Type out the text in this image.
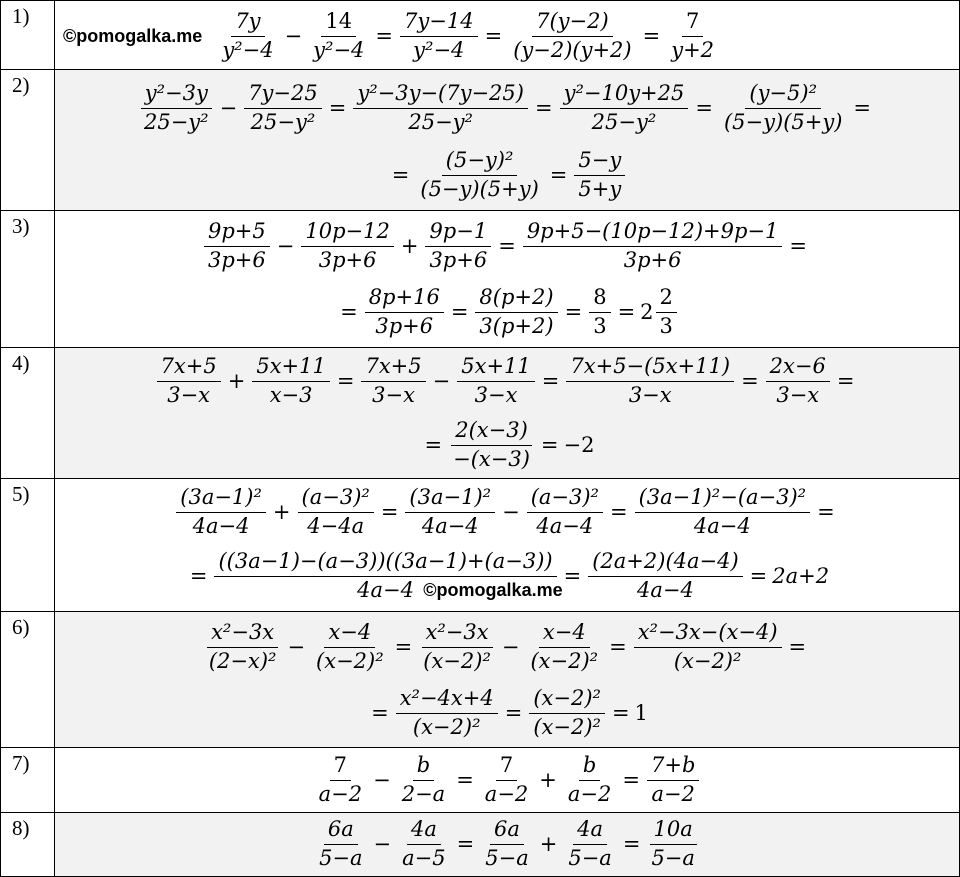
1)
©pomogalka.me $\frac{7y}{\text{y²−4}} - \frac{14}{\text{y²−4}} = \frac{7y-14}{\text{y²−4}} = \frac{7(y-2)}{(y-2)(y+2)} = \frac{7}{y+2}$
2)	$\frac{\text{y²−3y}}{\text{25−y²}} - \frac{7y-25}{\text{25−y²}} = \frac{\text{y²−3y−(7y−25)}}{\text{25−y²}} = \frac{\text{y²−10y+25}}{\text{25−y²}} = \frac{\text{(y−5)²}}{(5-y)(5+y)}$ =
= $\frac{\text{(5−y)²}}{(5-y)(5+y)} = \frac{5-y}{5+y}$
3)	$\frac{9p+5}{3p+6} - \frac{10p-12}{3p+6} + \frac{9p-1}{3p+6} = \frac{9p+5-(10p-12)+9p-1}{3p+6}$ =
= $\frac{8p+16}{3p+6} = \frac{8(p+2)}{3(p+2)} = \frac{8}{3} = 2 \frac{2}{3}$
4)	$\frac{7x+5}{3-x} + \frac{5x+11}{x-3} = \frac{7x+5}{3-x} - \frac{5x+11}{3-x} = \frac{7x+5-(5x+11)}{3-x} = \frac{2x-6}{3-x}$ =
= $\frac{2(x-3)}{-(x-3)} = -2$
5)	$\frac{\text{(3a−1)²}}{4a-4} + \frac{\text{(a−3)²}}{4-4a} = \frac{\text{(3a−1)²}}{4a-4} - \frac{\text{(a−3)²}}{4a-4} = \frac{\text{(3a−1)²−(a−3)²}}{4a-4}$ =
=
((3a−1)−(a−3))((3a−1)+(a−3))
4a−4 ©pomogalka.me
= $\frac{(2a+2)(4a-4)}{4a-4} = 2a+2$
6)	$\frac{\text{x²−3x}}{\text{(2−x)²}} - \frac{x-4}{\text{(x−2)²}} = \frac{\text{x²−3x}}{\text{(x−2)²}} - \frac{x-4}{\text{(x−2)²}} = \frac{\text{x²−3x−(x−4)}}{\text{(x−2)²}}$ =
= $\frac{\text{x²−4x+4}}{\text{(x−2)²}} = \frac{\text{(x−2)²}}{\text{(x−2)²}} = 1$
7)	$\frac{7}{a-2} - \frac{b}{2-a} = \frac{7}{a-2} + \frac{b}{a-2} = \frac{7+b}{a-2}$
8)	$\frac{6a}{5-a} - \frac{4a}{a-5} = \frac{6a}{5-a} + \frac{4a}{5-a} = \frac{10a}{5-a}$
